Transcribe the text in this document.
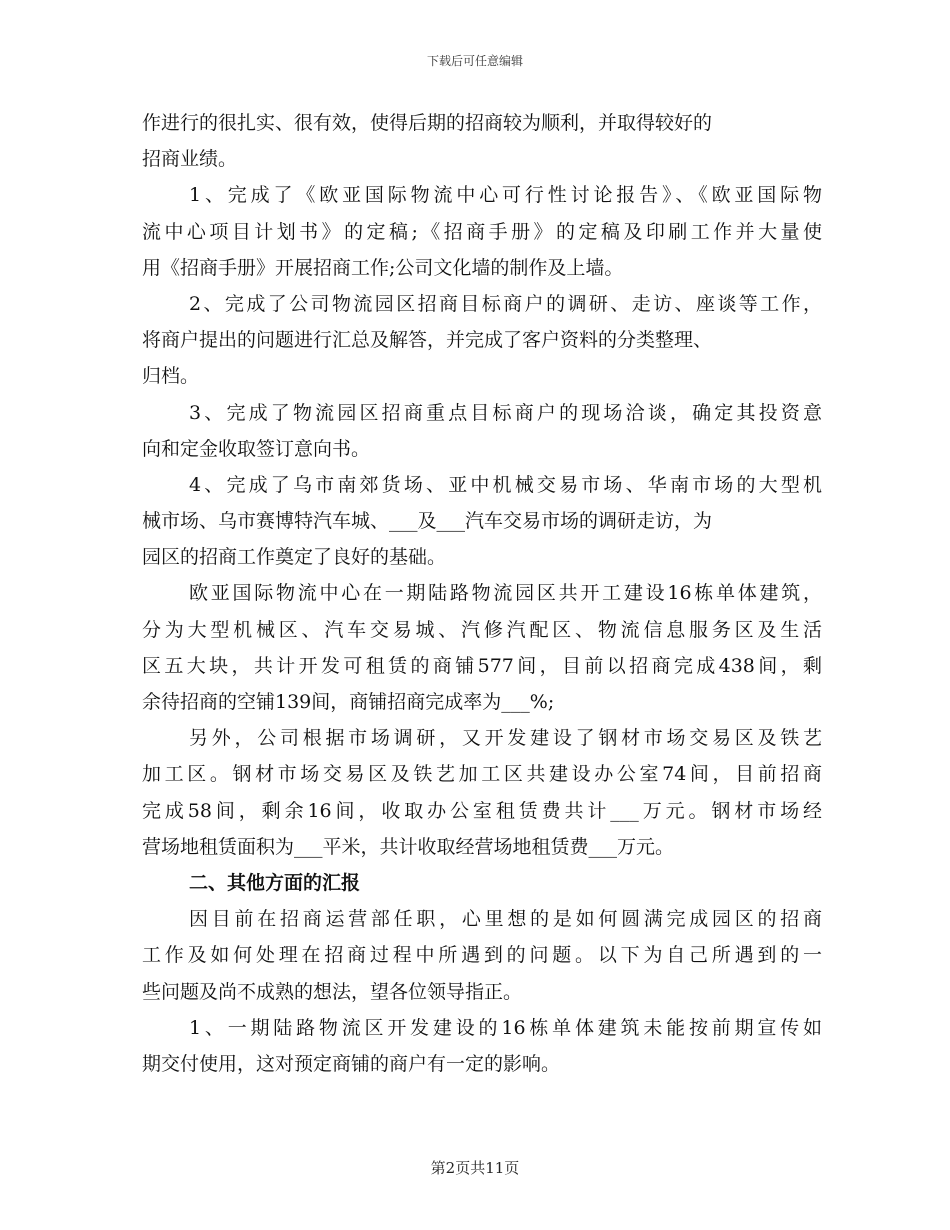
下载后可任意编辑
作进行的很扎实、很有效，使得后期的招商较为顺利，并取得较好的
招商业绩。
1、完成了《欧亚国际物流中心可行性讨论报告》、《欧亚国际物
流中心项目计划书》的定稿;《招商手册》的定稿及印刷工作并大量使
用《招商手册》开展招商工作;公司文化墙的制作及上墙。
2、完成了公司物流园区招商目标商户的调研、走访、座谈等工作，
将商户提出的问题进行汇总及解答，并完成了客户资料的分类整理、
归档。
3、完成了物流园区招商重点目标商户的现场洽谈，确定其投资意
向和定金收取签订意向书。
4、完成了乌市南郊货场、亚中机械交易市场、华南市场的大型机
械市场、乌市赛博特汽车城、___及___汽车交易市场的调研走访，为
园区的招商工作奠定了良好的基础。
欧亚国际物流中心在一期陆路物流园区共开工建设16栋单体建筑，
分为大型机械区、汽车交易城、汽修汽配区、物流信息服务区及生活
区五大块，共计开发可租赁的商铺577间，目前以招商完成438间，剩
余待招商的空铺139间，商铺招商完成率为___%;
另外，公司根据市场调研，又开发建设了钢材市场交易区及铁艺
加工区。钢材市场交易区及铁艺加工区共建设办公室74间，目前招商
完成58间，剩余16间，收取办公室租赁费共计___万元。钢材市场经
营场地租赁面积为___平米，共计收取经营场地租赁费___万元。
二、其他方面的汇报
因目前在招商运营部任职，心里想的是如何圆满完成园区的招商
工作及如何处理在招商过程中所遇到的问题。以下为自己所遇到的一
些问题及尚不成熟的想法，望各位领导指正。
1、一期陆路物流区开发建设的16栋单体建筑未能按前期宣传如
期交付使用，这对预定商铺的商户有一定的影响。
第2页共11页
